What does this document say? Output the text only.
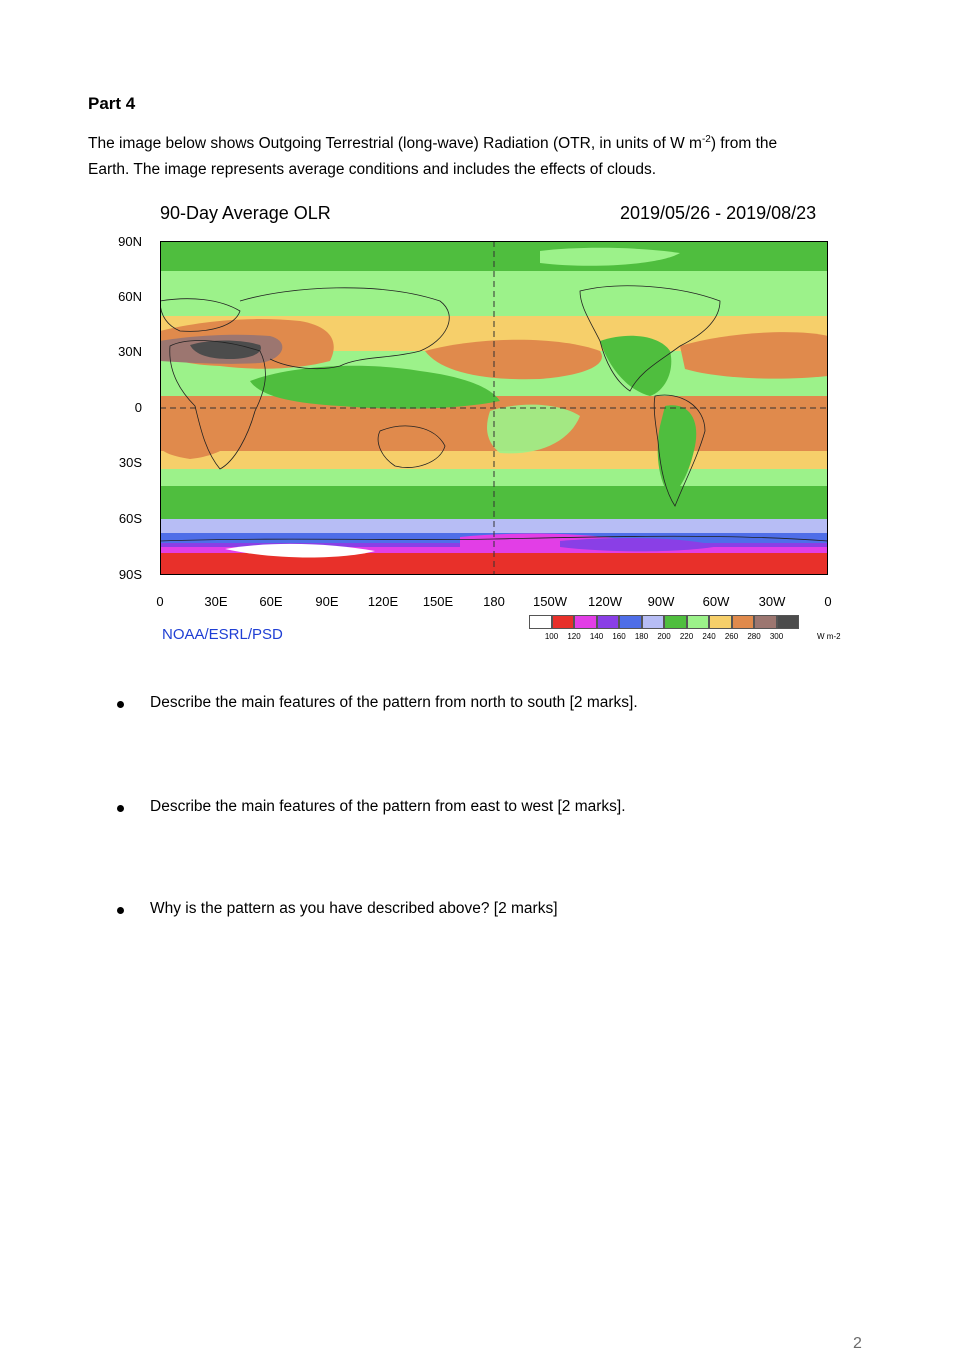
Part 4
The image below shows Outgoing Terrestrial (long-wave) Radiation (OTR, in units of W $m^{-2}$) from the
Earth. The image represents average conditions and includes the effects of clouds.
90-Day Average OLR	2019/05/26 - 2019/08/23
90N
60N
30N
0
30S
60S
90S
0	30E	60E	90E	120E	150E	180	150W	120W	90W	60W	30W	0
NOAA/ESRL/PSD	100	120	140	160	180	200	220	240	260	280	300	W m-2
Describe the main features of the pattern from north to south [2 marks].
Describe the main features of the pattern from east to west [2 marks].
Why is the pattern as you have described above? [2 marks]
2
